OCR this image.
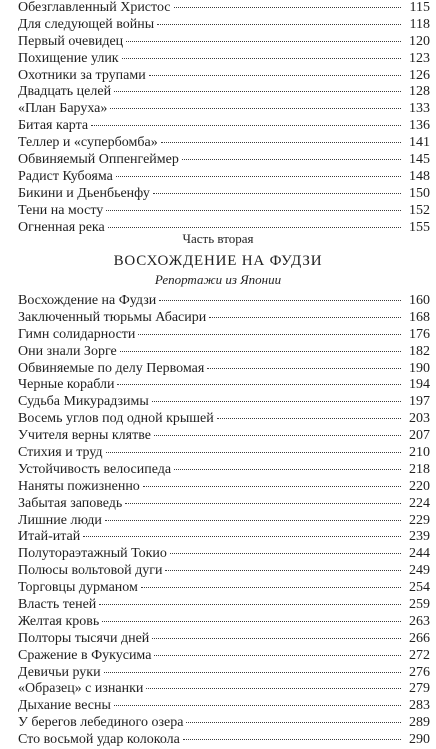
Обезглавленный Христос	115
Для следующей войны	118
Первый очевидец	120
Похищение улик	123
Охотники за трупами	126
Двадцать целей	128
«План Баруха»	133
Битая карта	136
Теллер и «супербомба»	141
Обвиняемый Оппенгеймер	145
Радист Кубояма	148
Бикини и Дьенбьенфу	150
Тени на мосту	152
Огненная река	155
Часть вторая
ВОСХОЖДЕНИЕ НА ФУДЗИ
Репортажи из Японии
Восхождение на Фудзи	160
Заключенный тюрьмы Абасири	168
Гимн солидарности	176
Они знали Зорге	182
Обвиняемые по делу Первомая	190
Черные корабли	194
Судьба Микурадзимы	197
Восемь углов под одной крышей	203
Учителя верны клятве	207
Стихия и труд	210
Устойчивость велосипеда	218
Наняты пожизненно	220
Забытая заповедь	224
Лишние люди	229
Итай-итай	239
Полутораэтажный Токио	244
Полюсы вольтовой дуги	249
Торговцы дурманом	254
Власть теней	259
Желтая кровь	263
Полторы тысячи дней	266
Сражение в Фукусима	272
Девичьи руки	276
«Образец» с изнанки	279
Дыхание весны	283
У берегов лебединого озера	289
Сто восьмой удар колокола	290
